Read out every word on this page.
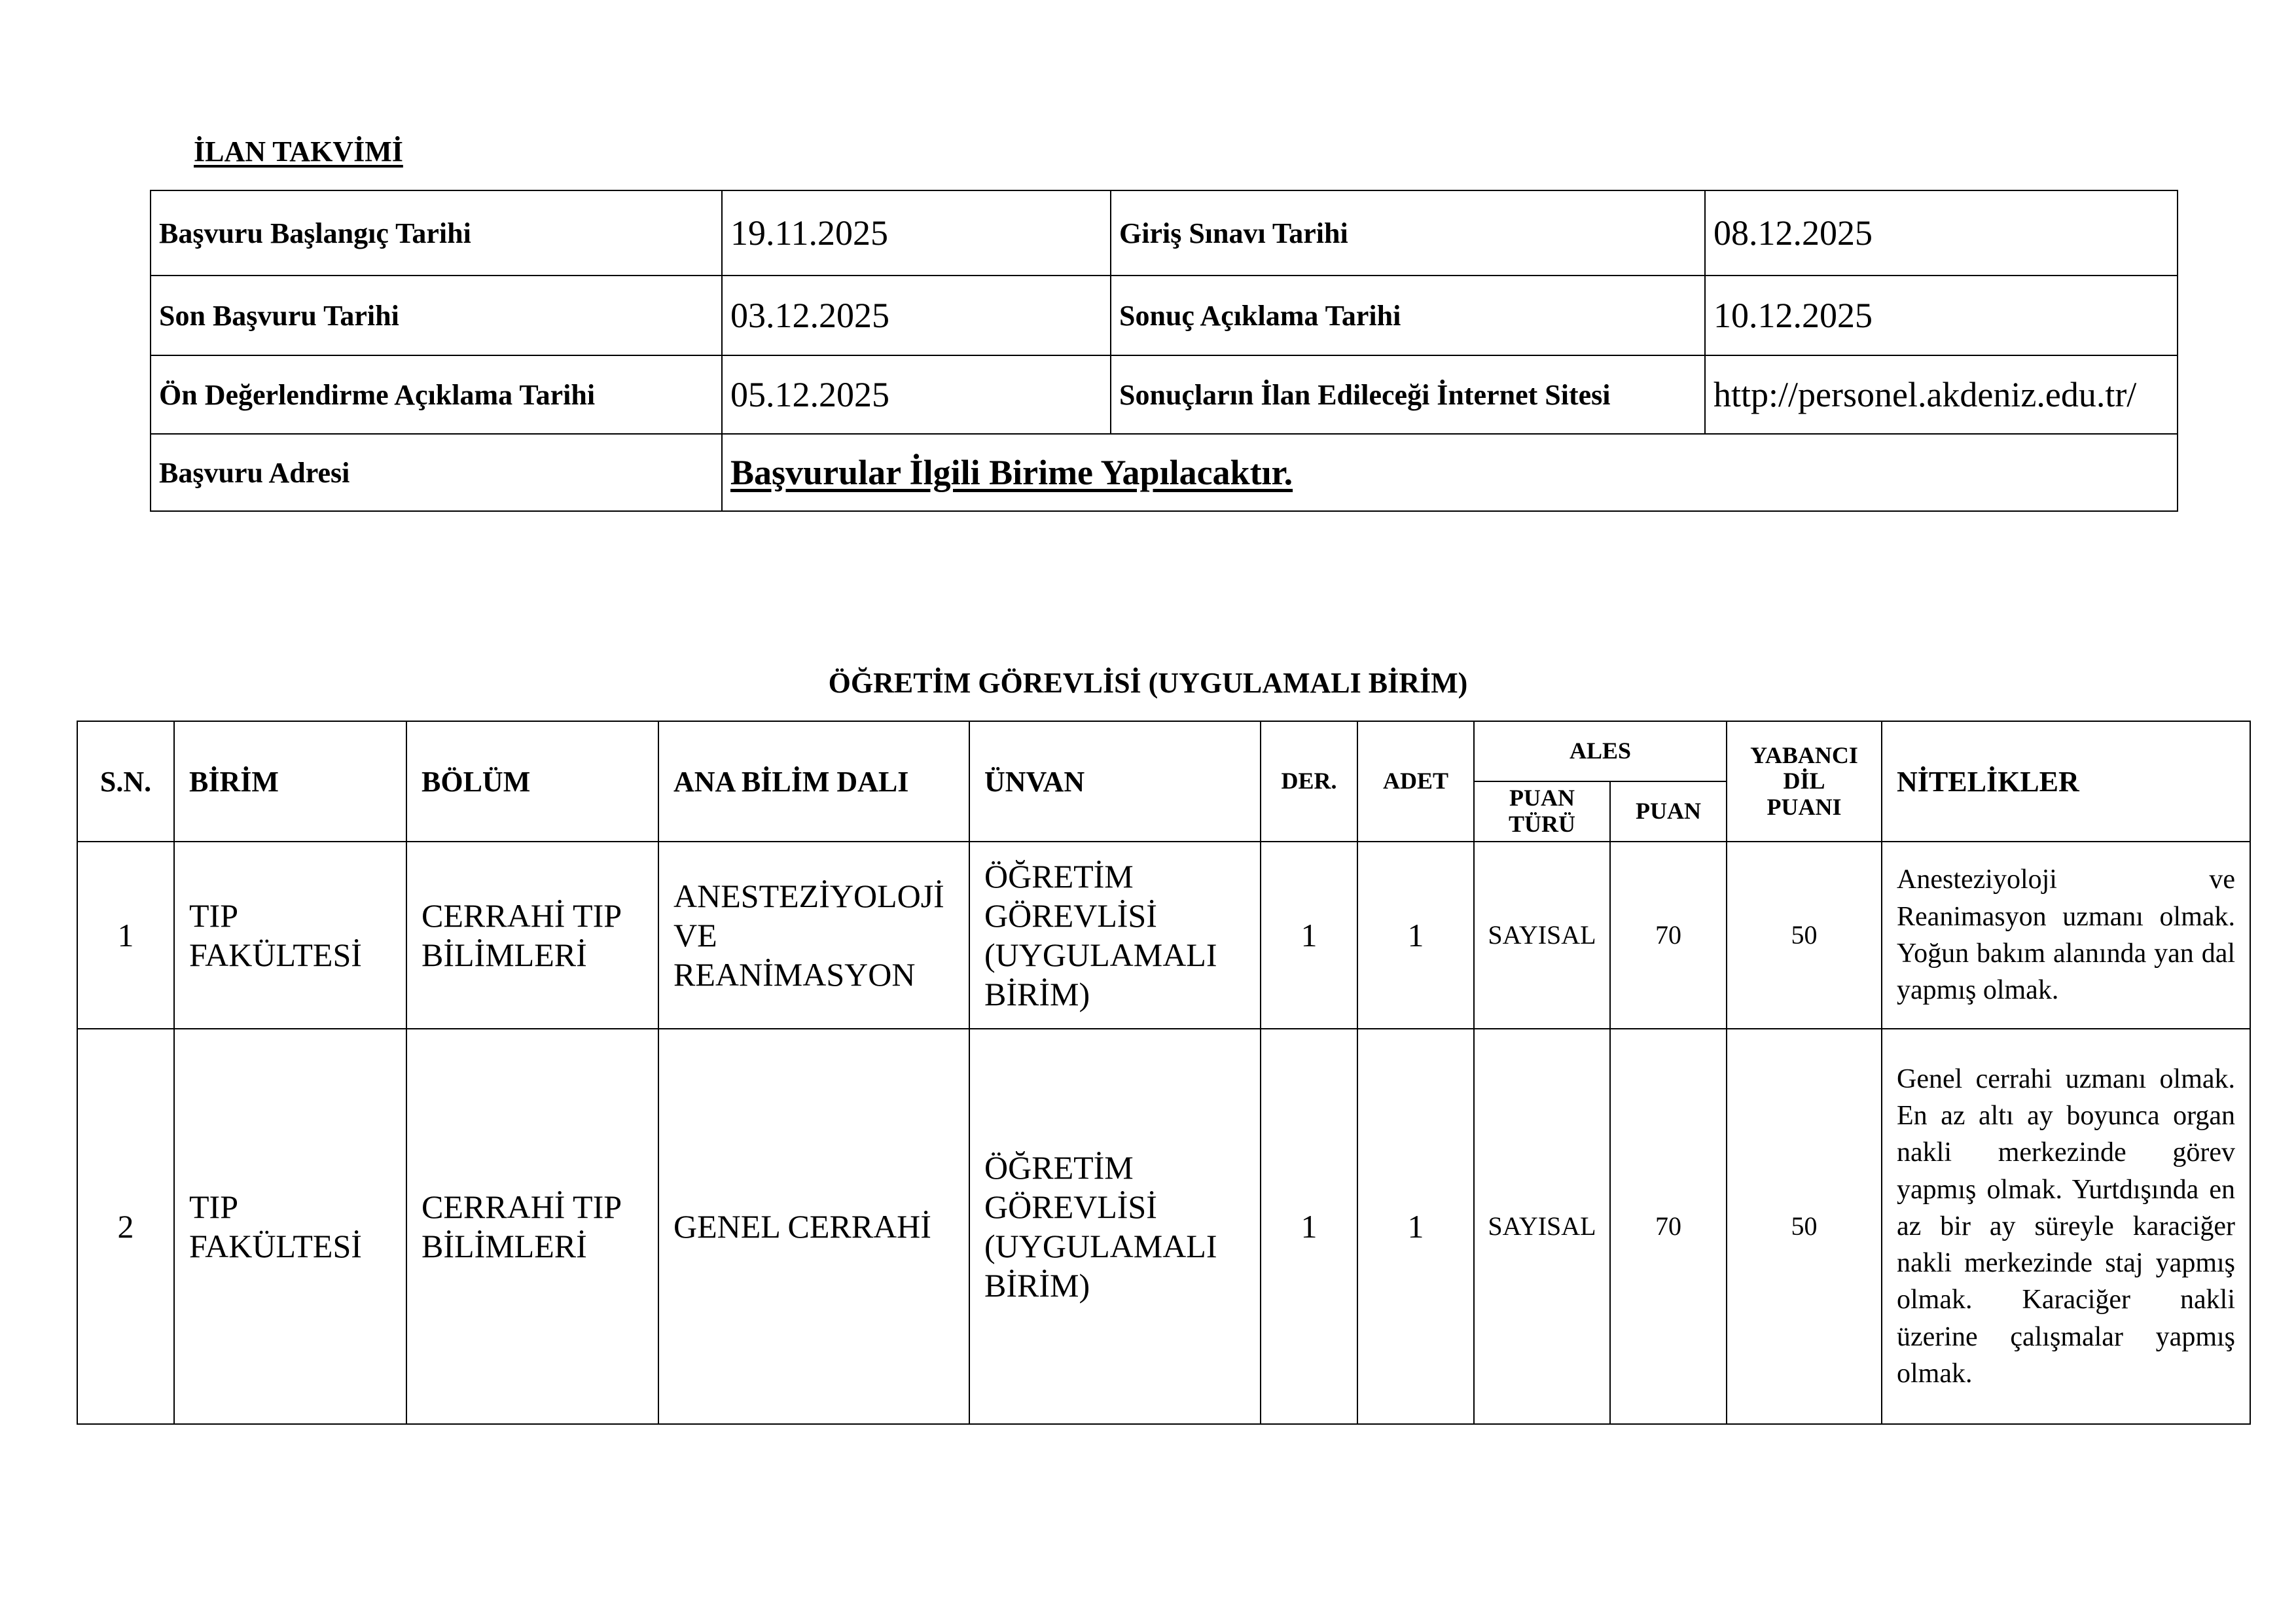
İLAN TAKVİMİ
Başvuru Başlangıç Tarihi	19.11.2025	Giriş Sınavı Tarihi	08.12.2025
Son Başvuru Tarihi	03.12.2025	Sonuç Açıklama Tarihi	10.12.2025
Ön Değerlendirme Açıklama Tarihi	05.12.2025	Sonuçların İlan Edileceği İnternet Sitesi	http://personel.akdeniz.edu.tr/
Başvuru Adresi	Başvurular İlgili Birime Yapılacaktır.		
ÖĞRETİM GÖREVLİSİ (UYGULAMALI BİRİM)
S.N.	BİRİM	BÖLÜM	ANA BİLİM DALI	ÜNVAN	DER.	ADET	ALES		YABANCI DİL PUANI	NİTELİKLER
							PUAN TÜRÜ	PUAN		
1	TIP FAKÜLTESİ	CERRAHİ TIP BİLİMLERİ	ANESTEZİYOLOJİ VE REANİMASYON	ÖĞRETİM GÖREVLİSİ (UYGULAMALI BİRİM)	1	1	SAYISAL	70	50	Anesteziyoloji ve Reanimasyon uzmanı olmak. Yoğun bakım alanında yan dal yapmış olmak.
2	TIP FAKÜLTESİ	CERRAHİ TIP BİLİMLERİ	GENEL CERRAHİ	ÖĞRETİM GÖREVLİSİ (UYGULAMALI BİRİM)	1	1	SAYISAL	70	50	Genel cerrahi uzmanı olmak. En az altı ay boyunca organ nakli merkezinde görev yapmış olmak. Yurtdışında en az bir ay süreyle karaciğer nakli merkezinde staj yapmış olmak. Karaciğer nakli üzerine çalışmalar yapmış olmak.
